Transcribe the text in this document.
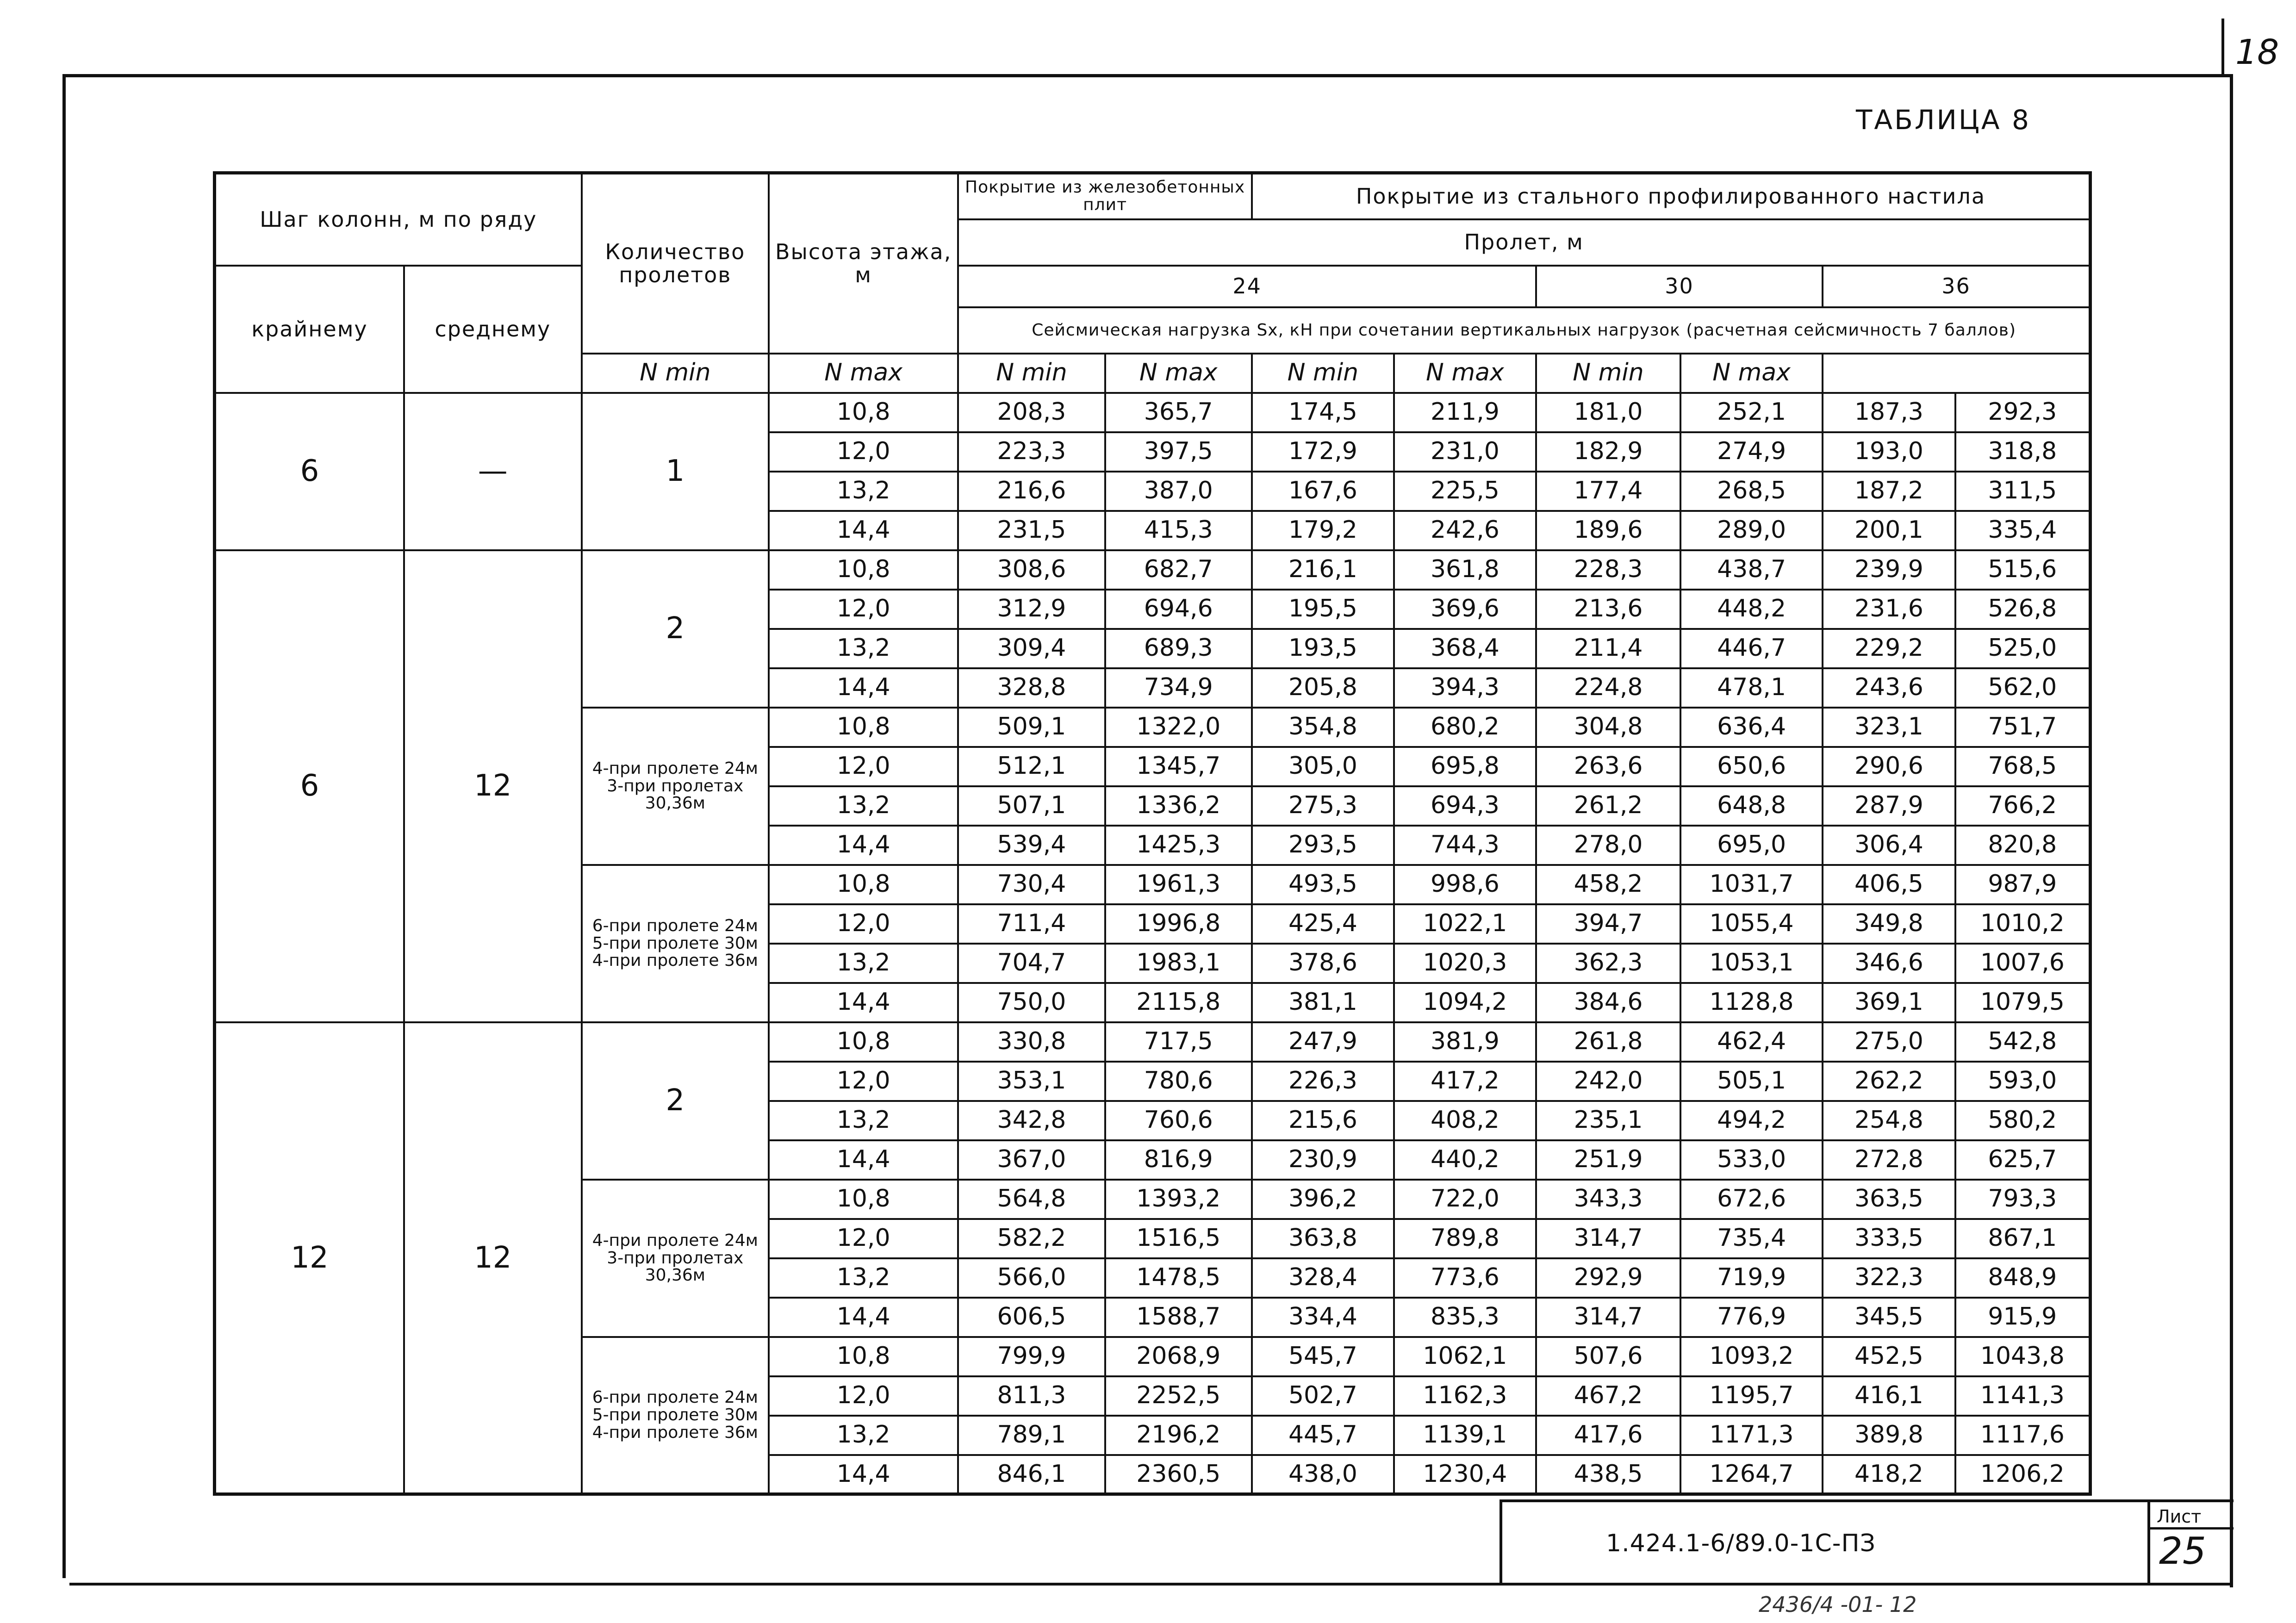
18
ТАБЛИЦА 8
Шаг колонн, м по ряду		Количество пролетов	Высота этажа, м	Покрытие из железобетонных плит		Покрытие из стального профилированного настила					
				Пролет, м							
крайнему	среднему			24				30		36	
				Сейсмическая нагрузка Sx, кН при сочетании вертикальных нагрузок (расчетная сейсмичность 7 баллов)							
		N min	N max	N min	N max	N min	N max	N min	N max		
6	—	1	10,8	208,3	365,7	174,5	211,9	181,0	252,1	187,3	292,3
			12,0	223,3	397,5	172,9	231,0	182,9	274,9	193,0	318,8
			13,2	216,6	387,0	167,6	225,5	177,4	268,5	187,2	311,5
			14,4	231,5	415,3	179,2	242,6	189,6	289,0	200,1	335,4
6	12	2	10,8	308,6	682,7	216,1	361,8	228,3	438,7	239,9	515,6
			12,0	312,9	694,6	195,5	369,6	213,6	448,2	231,6	526,8
			13,2	309,4	689,3	193,5	368,4	211,4	446,7	229,2	525,0
			14,4	328,8	734,9	205,8	394,3	224,8	478,1	243,6	562,0
		4-при пролете 24м 3-при пролетах 30,36м	10,8	509,1	1322,0	354,8	680,2	304,8	636,4	323,1	751,7
			12,0	512,1	1345,7	305,0	695,8	263,6	650,6	290,6	768,5
			13,2	507,1	1336,2	275,3	694,3	261,2	648,8	287,9	766,2
			14,4	539,4	1425,3	293,5	744,3	278,0	695,0	306,4	820,8
		6-при пролете 24м 5-при пролете 30м 4-при пролете 36м	10,8	730,4	1961,3	493,5	998,6	458,2	1031,7	406,5	987,9
			12,0	711,4	1996,8	425,4	1022,1	394,7	1055,4	349,8	1010,2
			13,2	704,7	1983,1	378,6	1020,3	362,3	1053,1	346,6	1007,6
			14,4	750,0	2115,8	381,1	1094,2	384,6	1128,8	369,1	1079,5
12	12	2	10,8	330,8	717,5	247,9	381,9	261,8	462,4	275,0	542,8
			12,0	353,1	780,6	226,3	417,2	242,0	505,1	262,2	593,0
			13,2	342,8	760,6	215,6	408,2	235,1	494,2	254,8	580,2
			14,4	367,0	816,9	230,9	440,2	251,9	533,0	272,8	625,7
		4-при пролете 24м 3-при пролетах 30,36м	10,8	564,8	1393,2	396,2	722,0	343,3	672,6	363,5	793,3
			12,0	582,2	1516,5	363,8	789,8	314,7	735,4	333,5	867,1
			13,2	566,0	1478,5	328,4	773,6	292,9	719,9	322,3	848,9
			14,4	606,5	1588,7	334,4	835,3	314,7	776,9	345,5	915,9
		6-при пролете 24м 5-при пролете 30м 4-при пролете 36м	10,8	799,9	2068,9	545,7	1062,1	507,6	1093,2	452,5	1043,8
			12,0	811,3	2252,5	502,7	1162,3	467,2	1195,7	416,1	1141,3
			13,2	789,1	2196,2	445,7	1139,1	417,6	1171,3	389,8	1117,6
			14,4	846,1	2360,5	438,0	1230,4	438,5	1264,7	418,2	1206,2
1.424.1-6/89.0-1С-ПЗ
Лист
25
2436/4 -01- 12
